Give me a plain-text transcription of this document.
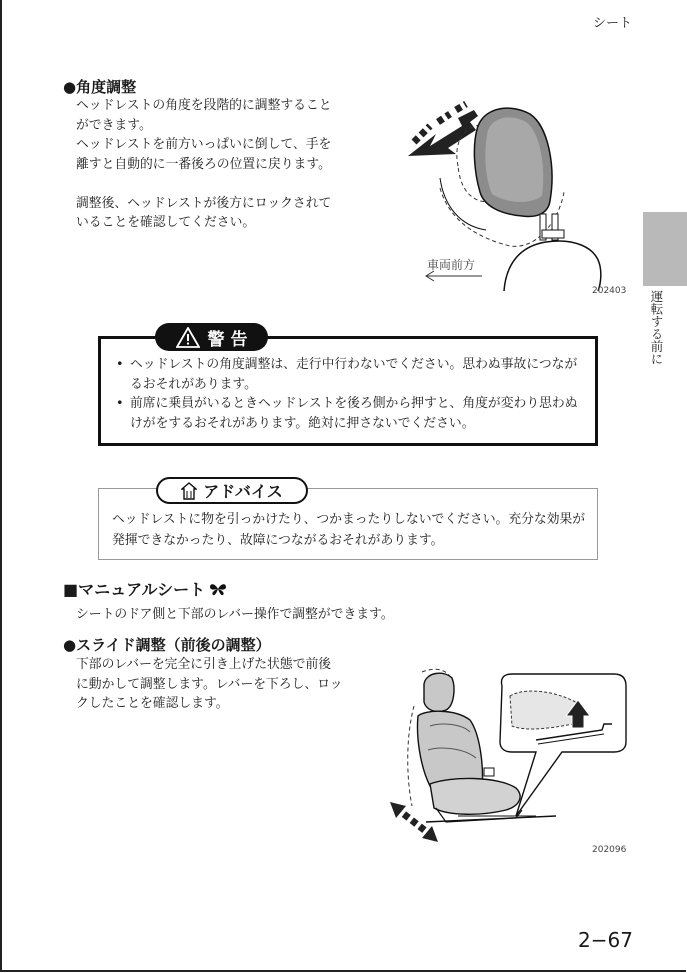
シート
運転する前に
●角度調整
ヘッドレストの角度を段階的に調整すること
ができます。
ヘッドレストを前方いっぱいに倒して、手を
離すと自動的に一番後ろの位置に戻ります。
調整後、ヘッドレストが後方にロックされて
いることを確認してください。
車両前方
202403
警 告
• ヘッドレストの角度調整は、走行中行わないでください。思わぬ事故につながるおそれがあります。
• 前席に乗員がいるときヘッドレストを後ろ側から押すと、角度が変わり思わぬけがをするおそれがあります。絶対に押さないでください。
アドバイス
ヘッドレストに物を引っかけたり、つかまったりしないでください。充分な効果が発揮できなかったり、故障につながるおそれがあります。
■マニュアルシート
シートのドア側と下部のレバー操作で調整ができます。
●スライド調整（前後の調整）
下部のレバーを完全に引き上げた状態で前後
に動かして調整します。レバーを下ろし、ロッ
クしたことを確認します。
202096
2−67
